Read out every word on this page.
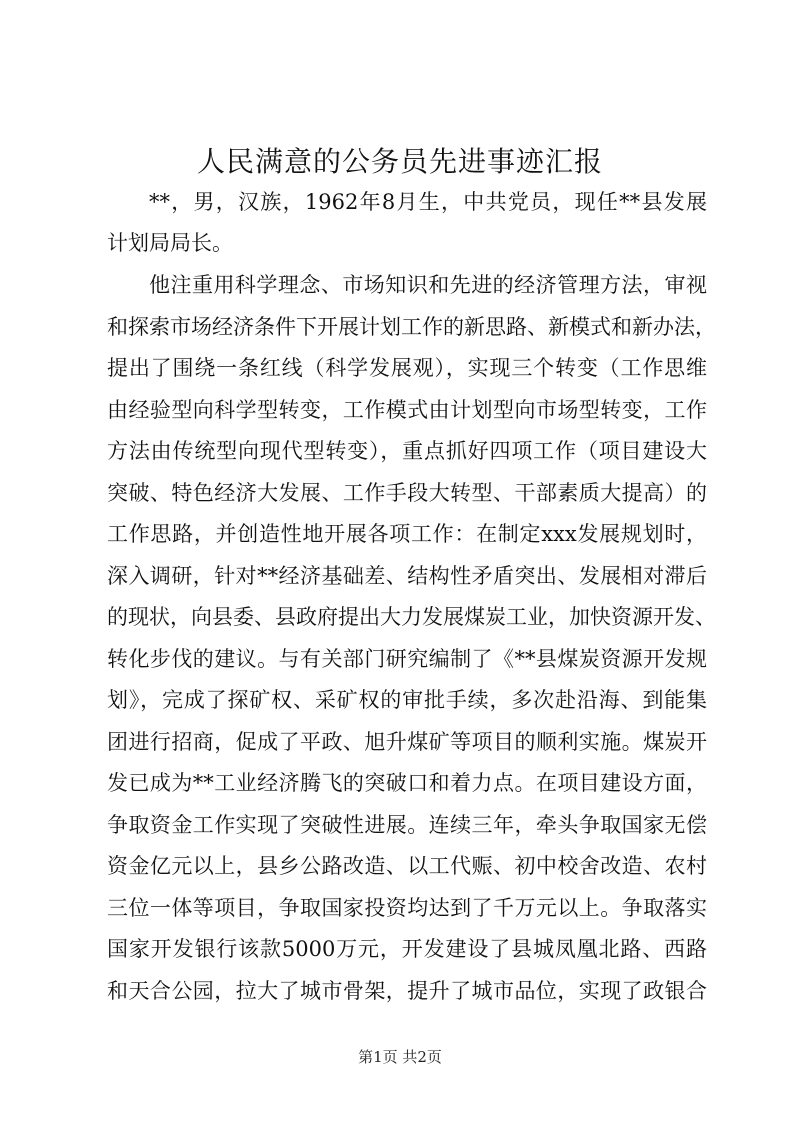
人民满意的公务员先进事迹汇报
**，男，汉族，1962年8月生，中共党员，现任**县发展
计划局局长。
他注重用科学理念、市场知识和先进的经济管理方法，审视
和探索市场经济条件下开展计划工作的新思路、新模式和新办法，
提出了围绕一条红线（科学发展观），实现三个转变（工作思维
由经验型向科学型转变，工作模式由计划型向市场型转变，工作
方法由传统型向现代型转变），重点抓好四项工作（项目建设大
突破、特色经济大发展、工作手段大转型、干部素质大提高）的
工作思路，并创造性地开展各项工作：在制定xxx发展规划时，
深入调研，针对**经济基础差、结构性矛盾突出、发展相对滞后
的现状，向县委、县政府提出大力发展煤炭工业，加快资源开发、
转化步伐的建议。与有关部门研究编制了《**县煤炭资源开发规
划》，完成了探矿权、采矿权的审批手续，多次赴沿海、到能集
团进行招商，促成了平政、旭升煤矿等项目的顺利实施。煤炭开
发已成为**工业经济腾飞的突破口和着力点。在项目建设方面，
争取资金工作实现了突破性进展。连续三年，牵头争取国家无偿
资金亿元以上，县乡公路改造、以工代赈、初中校舍改造、农村
三位一体等项目，争取国家投资均达到了千万元以上。争取落实
国家开发银行该款5000万元，开发建设了县城凤凰北路、西路
和天合公园，拉大了城市骨架，提升了城市品位，实现了政银合
第1页 共2页
